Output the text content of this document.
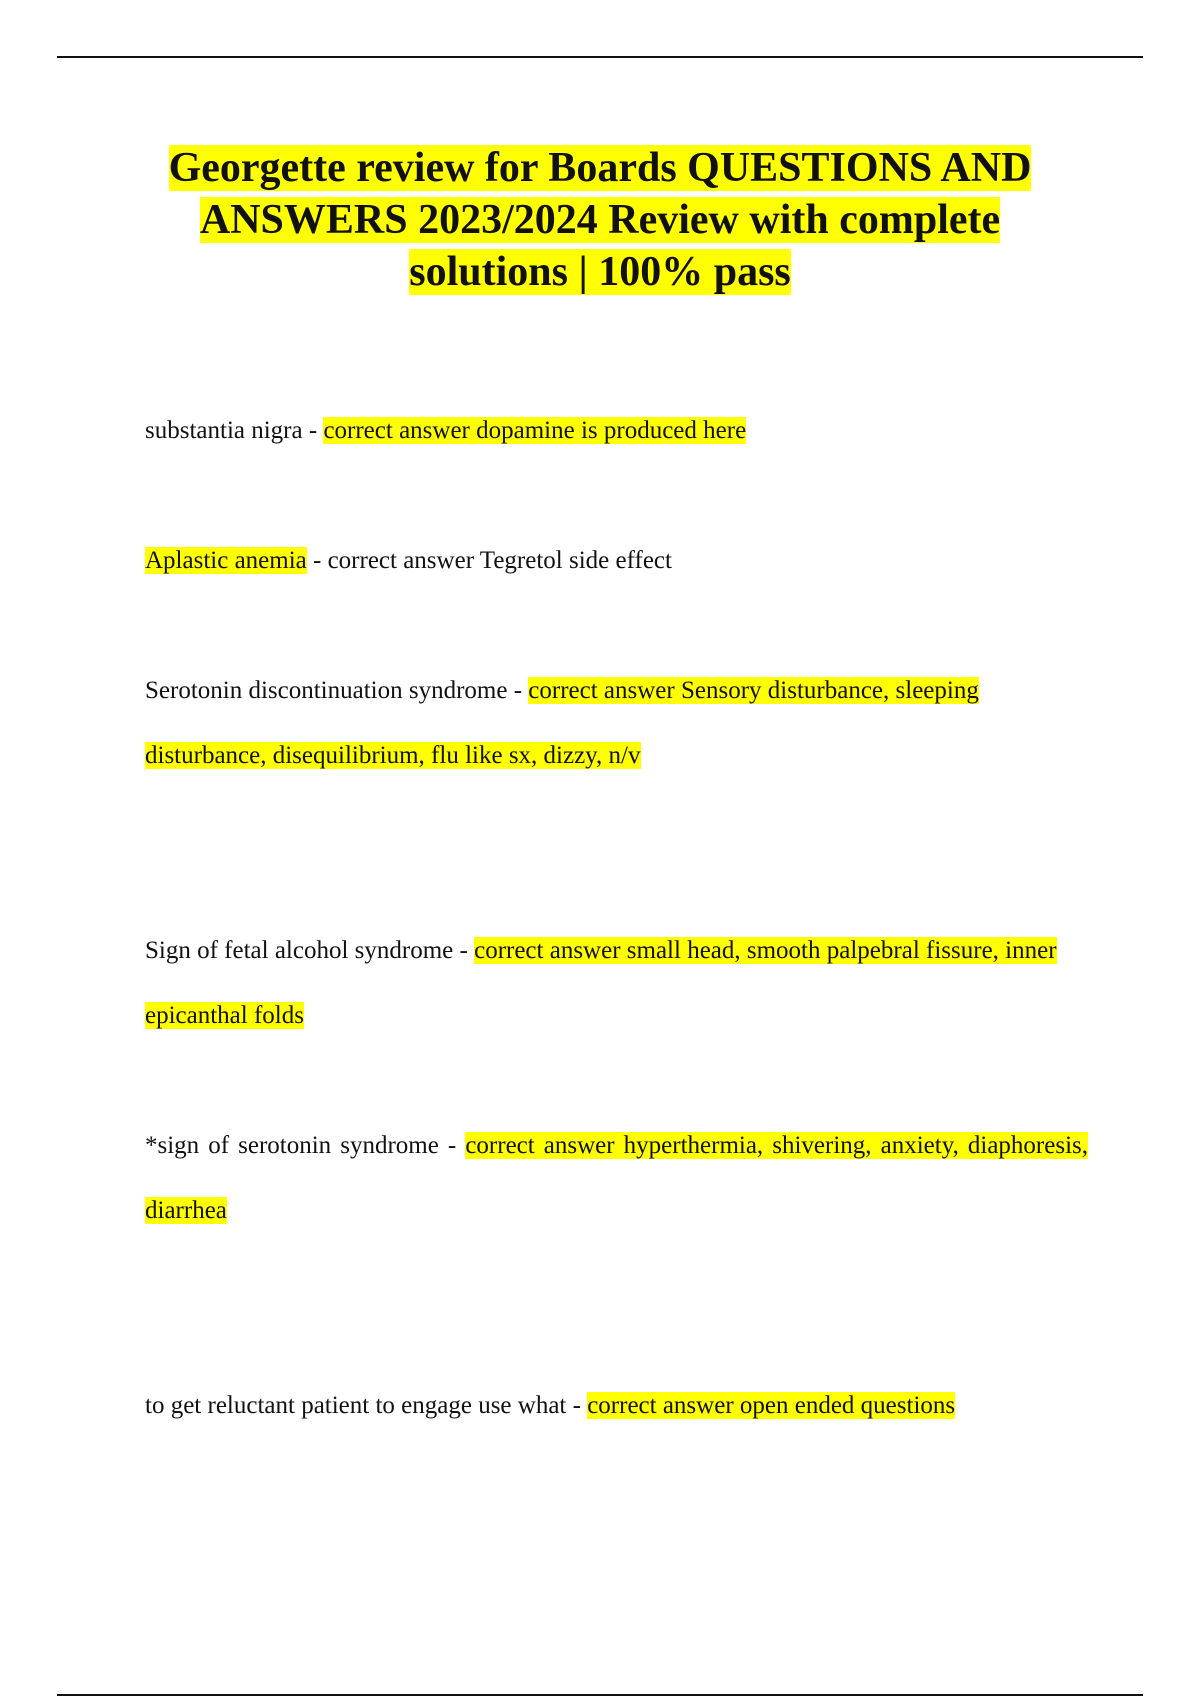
Georgette review for Boards QUESTIONS AND ANSWERS 2023/2024 Review with complete solutions | 100% pass

substantia nigra - correct answer dopamine is produced here

Aplastic anemia - correct answer Tegretol side effect

Serotonin discontinuation syndrome - correct answer Sensory disturbance, sleeping disturbance, disequilibrium, flu like sx, dizzy, n/v

Sign of fetal alcohol syndrome - correct answer small head, smooth palpebral fissure, inner epicanthal folds

*sign of serotonin syndrome - correct answer hyperthermia, shivering, anxiety, diaphoresis, diarrhea

to get reluctant patient to engage use what - correct answer open ended questions
